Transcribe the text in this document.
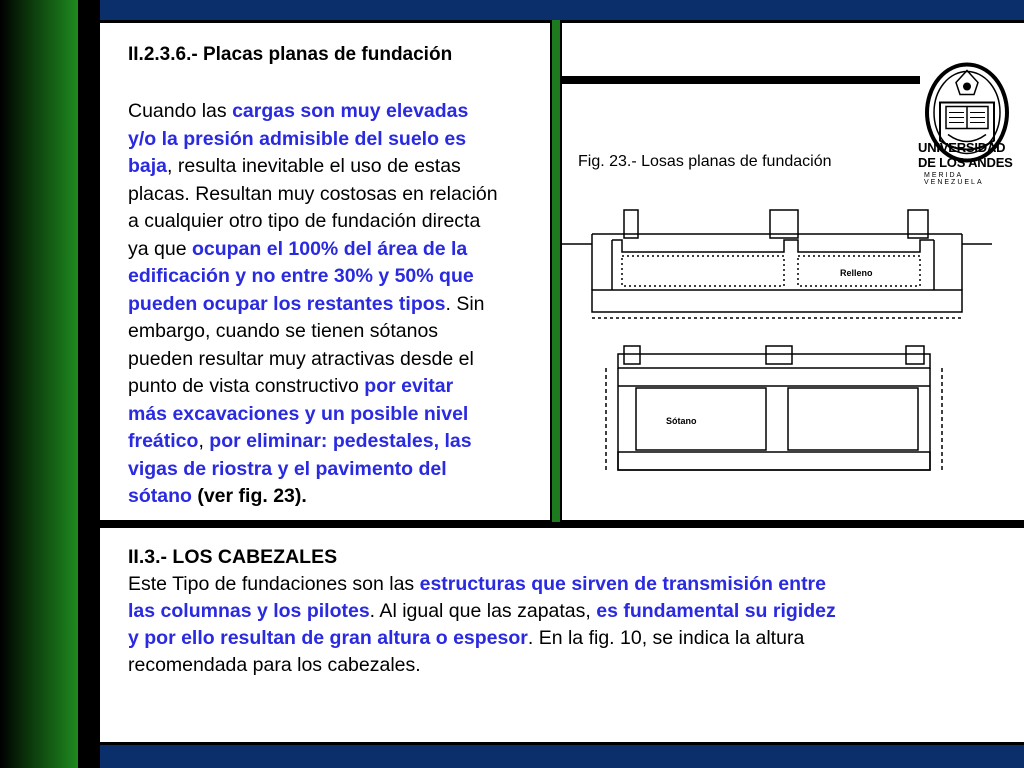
II.2.3.6.- Placas planas de fundación
Cuando las cargas son muy elevadas
y/o la presión admisible del suelo es
baja, resulta inevitable el uso de estas
placas. Resultan muy costosas en relación
a cualquier otro tipo de fundación directa
ya que ocupan el 100% del área de la
edificación y no entre 30% y 50% que
pueden ocupar los restantes tipos. Sin
embargo, cuando se tienen sótanos
pueden resultar muy atractivas desde el
punto de vista constructivo por evitar
más excavaciones y un posible nivel
freático, por eliminar: pedestales, las
vigas de riostra y el pavimento del
sótano (ver fig. 23).
Fig. 23.- Losas planas de fundación
UNIVERSIDAD
DE LOS ANDES
MERIDA VENEZUELA
Relleno
Sótano
II.3.- LOS CABEZALES
Este Tipo de fundaciones son las estructuras que sirven de transmisión entre
las columnas y los pilotes. Al igual que las zapatas, es fundamental su rigidez
y por ello resultan de gran altura o espesor. En la fig. 10, se indica la altura
recomendada para los cabezales.
